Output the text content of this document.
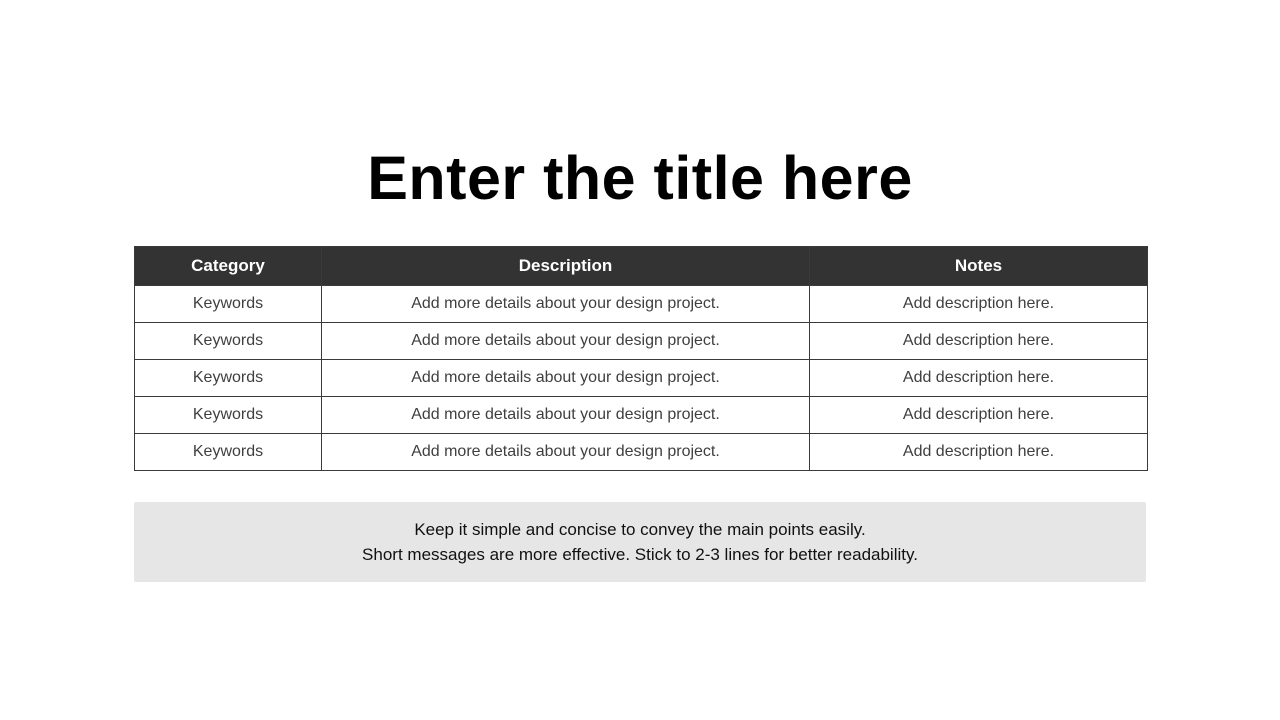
Enter the title here
Category	Description	Notes
Keywords	Add more details about your design project.	Add description here.
Keywords	Add more details about your design project.	Add description here.
Keywords	Add more details about your design project.	Add description here.
Keywords	Add more details about your design project.	Add description here.
Keywords	Add more details about your design project.	Add description here.
Keep it simple and concise to convey the main points easily.
Short messages are more effective. Stick to 2-3 lines for better readability.
